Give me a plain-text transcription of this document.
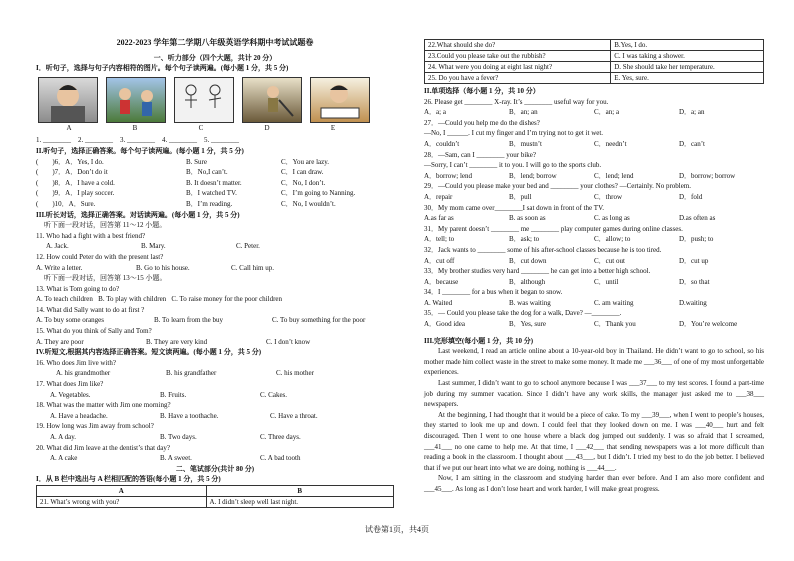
2022-2023 学年第二学期八年级英语学科期中考试试题卷
一、听力部分（四个大题，共计 20 分）
I．听句子，选择与句子内容相符的图片。每个句子读两遍。(每小题 1 分，共 5 分)
A	B	C	D	E
1. ________    2. ________    3. ________    4. ________    5. ________
II.听句子，选择正确答案。每个句子读两遍。(每小题 1 分，共 5 分)
(        )6．A．Yes, I do.	B. Sure	C．You are lazy.
(        )7．A．Don’t do it	B．No,I can’t.	C．I can draw.
(        )8．A．I have a cold.	B. It doesn’t matter.	C．No, I don’t.
(        )9．A．I play soccer.	B．I watched TV.	C．I’m going to Nanning.
(        )10．A．Sure.	B．I’m reading.	C．No, I wouldn’t.
III.听长对话，选择正确答案。对话读两遍。(每小题 1 分，共 5 分)
听下面一段对话，回答第 11～12 小题。
11. Who had a fight with a best friend?
A. Jack.	B. Mary.	C. Peter.
12. How could Peter do with the present last?
A. Write a letter.	B. Go to his house.	C. Call him up.
听下面一段对话，回答第 13～15 小题。
13. What is Tom going to do?
A. To teach children   B. To play with children   C. To raise money for the poor children
14. What did Sally want to do at first ?
A. To buy some oranges	B. To learn from the buy	C. To buy something for the poor
15. What do you think of Sally and Tom?
A. They are poor	B. They are very kind	C. I don’t know
IV.听短文,根据其内容选择正确答案。短文读两遍。(每小题 1 分，共 5 分)
16. Who does Jim live with?
A. his grandmother	B. his grandfather	C. his mother
17. What does Jim like?
A. Vegetables.	B. Fruits.	C. Cakes.
18. What was the matter with Jim one morning?
A. Have a headache.	B. Have a toothache.	C. Have a throat.
19. How long was Jim away from school?
A. A day.	B. Two days.	C. Three days.
20. What did Jim leave at the dentist’s that day?
A. A cake	B. A sweet.	C. A bad tooth
二、笔试部分(共计 80 分)
I．从 B 栏中选出与 A 栏相匹配的答语(每小题 1 分，共 5 分)
A	B
21. What’s wrong with you?	A. I didn’t sleep well last night.
22.What should she do?	B.Yes, I do.
23.Could you please take out the rubbish?	C. I was taking a shower.
24. What were you doing at eight last night?	D. She should take her temperature.
25. Do you have a fever?	E. Yes, sure.
II.单项选择（每小题 1 分，共 10 分）
26. Please get ________ X-ray. It’s ________ useful way for you.
A．a; a	B．an; an	C．an; a	D．a; an
27．—Could you help me do the dishes?
—No, I ______. I cut my finger and I’m trying not to get it wet.
A．couldn’t	B．mustn’t	C．needn’t	D．can’t
28．—Sam, can I ________ your bike?
—Sorry, I can’t ________ it to you. I will go to the sports club.
A．borrow; lend	B．lend; borrow	C．lend; lend	D．borrow; borrow
29．—Could you please make your bed and ________ your clothes? —Certainly. No problem.
A．repair	B．pull	C．throw	D．fold
30．My mom came over________I sat down in front of the TV.
A.as far as	B. as soon as	C. as long as	D.as often as
31．My parent doesn’t ________ me ________ play computer games during online classes.
A．tell; to	B．ask; to	C．allow; to	D．push; to
32．Jack wants to ________ some of his after-school classes because he is too tired.
A．cut off	B．cut down	C．cut out	D．cut up
33．My brother studies very hard ________ he can get into a better high school.
A．because	B．although	C．until	D．so that
34．I ________ for a bus when it began to snow.
A. Waited	B. was waiting	C. am waiting	D.waiting
35．— Could you please take the dog for a walk, Dave? —________.
A．Good idea	B．Yes, sure	C．Thank you	D．You’re welcome
III.完形填空(每小题 1 分，共 10 分)
Last weekend, I read an article online about a 10-year-old boy in Thailand. He didn’t want to go to school, so his mother made him collect waste in the street to make some money. It made me ___36___ of one of my most unforgettable experiences.
Last summer, I didn’t want to go to school anymore because I was ___37___ to my test scores. I found a part-time job during my summer vacation. Since I didn’t have any work skills, the manager just asked me to ___38___ newspapers.
At the beginning, I had thought that it would be a piece of cake. To my ___39___, when I went to people’s houses, they started to look me up and down. I could feel that they looked down on me. I was ___40___ hurt and felt discouraged. Then I went to one house where a black dog jumped out suddenly. I was so afraid that I screamed, ___41___ no one came to help me. At that time, I ___42___ that sending newspapers was a lot more difficult than reading a book in the classroom. I thought about ___43___, but I didn’t. I tried my best to do the job better. I believed that if we put our heart into what we are doing, nothing is ___44___.
Now, I am sitting in the classroom and studying harder than ever before. And I am also more confident and ___45___. As long as I don’t lose heart and work harder, I will make great progress.
试卷第1页，共4页
